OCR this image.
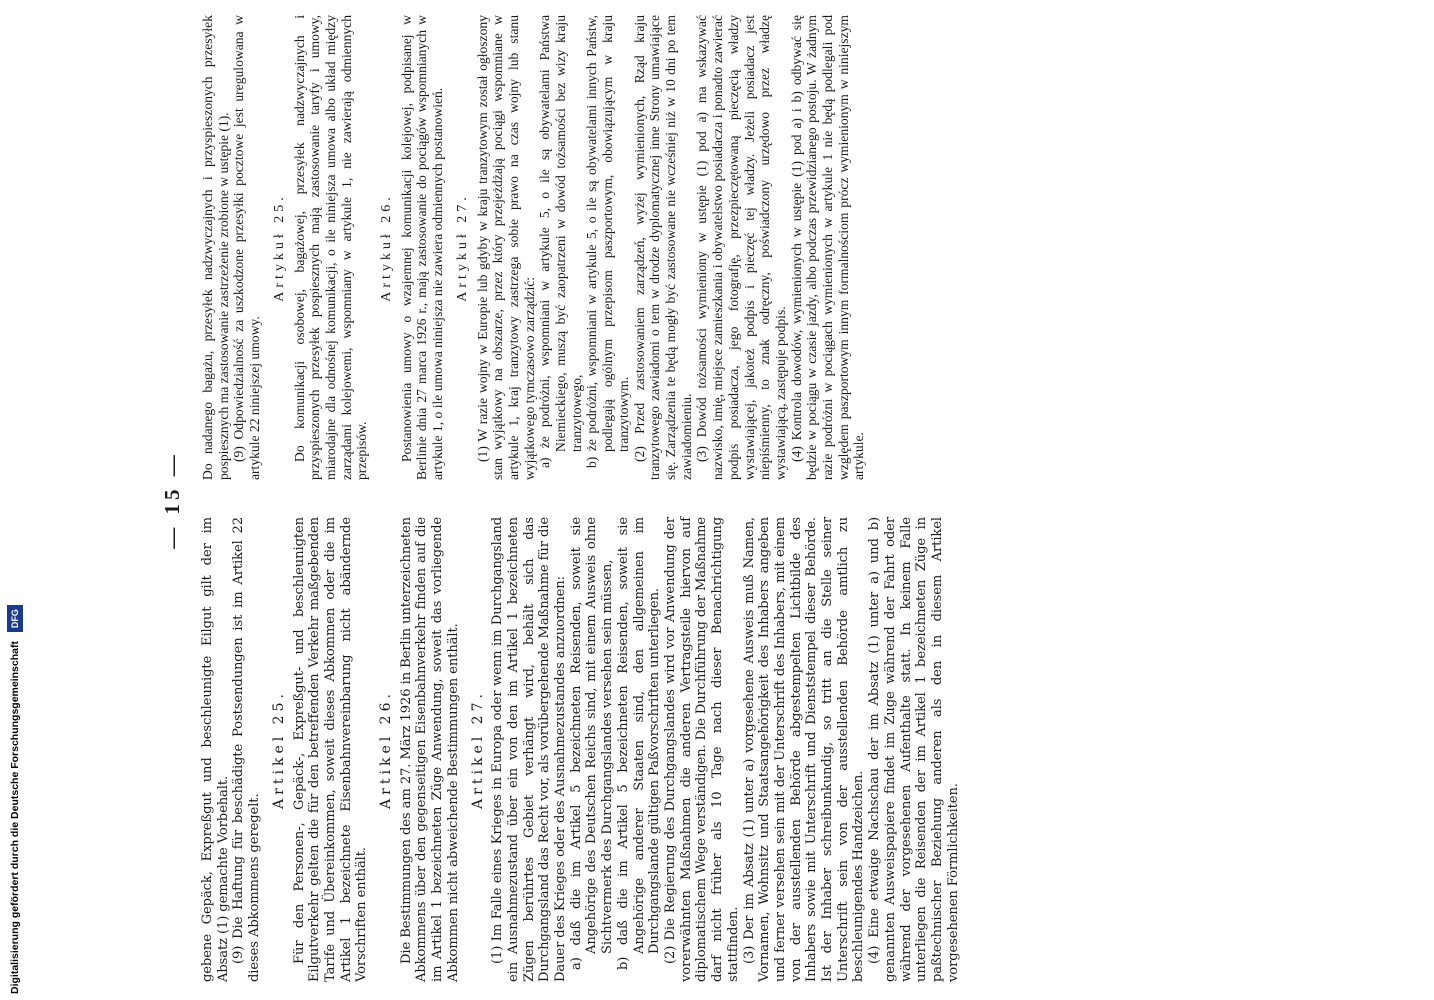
— 15 —

gebene Gepäck, Expreßgut und beschleunigte Eilgut gilt der im Absatz (1) gemachte Vorbehalt. (9) Die Haftung für beschädigte Postsendungen ist im Artikel 22 dieses Abkommens geregelt.

Artikel 25. Für den Personen-, Gepäck-, Expreßgut- und beschleunigten Eilgutverkehr gelten die für den betreffenden Verkehr maßgebenden Tarife und Übereinkommen, soweit dieses Abkommen oder die im Artikel 1 bezeichnete Eisenbahnvereinbarung nicht abändernde Vorschriften enthält.

Artikel 26. Die Bestimmungen des am 27. März 1926 in Berlin unterzeichneten Abkommens über den gegenseitigen Eisenbahnverkehr finden auf die im Artikel 1 bezeichneten Züge Anwendung, soweit das vorliegende Abkommen nicht abweichende Bestimmungen enthält. Artikel 27. (1) Im Falle eines Krieges in Europa oder wenn im Durchgangsland ein Ausnahmezustand über ein von den im Artikel 1 bezeichneten Zügen berührtes Gebiet verhängt wird, behält sich das Durchgangsland das Recht vor, als vorübergehende Maßnahme für die Dauer des Krieges oder des Ausnahmezustandes anzuordnen: a) daß die im Artikel 5 bezeichneten Reisenden, soweit sie Angehörige des Deutschen Reichs sind, mit einem Ausweis ohne Sichtvermerk des Durchgangslandes versehen sein müssen, b) daß die im Artikel 5 bezeichneten Reisenden, soweit sie Angehörige anderer Staaten sind, den allgemeinen im Durchgangslande gültigen Paßvorschriften unterliegen. (2) Die Regierung des Durchgangslandes wird vor Anwendung der vorerwähnten Maßnahmen die anderen Vertragsteile hiervon auf diplomatischem Wege verständigen. Die Durchführung der Maßnahme darf nicht früher als 10 Tage nach dieser Benachrichtigung stattfinden. (3) Der im Absatz (1) unter a) vorgesehene Ausweis muß Namen, Vornamen, Wohnsitz und Staatsangehörigkeit des Inhabers angeben und ferner versehen sein mit der Unterschrift des Inhabers, mit einem von der ausstellenden Behörde abgestempelten Lichtbilde des Inhabers sowie mit Unterschrift und Dienststempel dieser Behörde. Ist der Inhaber schreibunkundig, so tritt an die Stelle seiner Unterschrift sein von der ausstellenden Behörde amtlich zu beschleunigendes Handzeichen. (4) Eine etwaige Nachschau der im Absatz (1) unter a) und b) genannten Ausweispapiere findet im Zuge während der Fahrt oder während der vorgesehenen Aufenthalte statt. In keinem Falle unterliegen die Reisenden der im Artikel 1 bezeichneten Züge in paßtechnischer Beziehung anderen als den in diesem Artikel vorgesehenen Förmlichkeiten.

Do nadanego bagażu, przesyłek nadzwyczajnych i przyspieszonych przesyłek pospiesznych ma zastosowanie zastrzeżenie zrobione w ustępie (1). (9) Odpowiedzialność za uszkodzone przesyłki pocztowe jest uregulowana w artykule 22 niniejszej umowy.

Artykuł 25. Do komunikacji osobowej, bagażowej, przesyłek nadzwyczajnych i przyspieszonych przesyłek pospiesznych mają zastosowanie taryfy i umowy, miarodajne dla odnośnej komunikacji, o ile niniejsza umowa albo układ między zarządami kolejowemi, wspomniany w artykule 1, nie zawierają odmiennych przepisów.

Artykuł 26. Postanowienia umowy o wzajemnej komunikacji kolejowej, podpisanej w Berlinie dnia 27 marca 1926 r., mają zastosowanie do pociągów wspomnianych w artykule 1, o ile umowa niniejsza nie zawiera odmiennych postanowień. Artykuł 27. (1) W razie wojny w Europie lub gdyby w kraju tranzytowym został ogłoszony stan wyjątkowy na obszarze, przez który przejeżdżają pociągi wspomniane w artykule 1, kraj tranzytowy zastrzega sobie prawo na czas wojny lub stanu wyjątkowego tymczasowo zarządzić: a) że podróżni, wspomniani w artykule 5, o ile są obywatelami Państwa Niemieckiego, muszą być zaopatrzeni w dowód tożsamości bez wizy kraju tranzytowego, b) że podróżni, wspomniani w artykule 5, o ile są obywatelami innych Państw, podlegają ogólnym przepisom paszportowym, obowiązującym w kraju tranzytowym. (2) Przed zastosowaniem zarządzeń, wyżej wymienionych, Rząd kraju tranzytowego zawiadomi o tem w drodze dyplomatycznej inne Strony umawiające się. Zarządzenia te będą mogły być zastosowane nie wcześniej niż w 10 dni po tem zawiadomieniu. (3) Dowód tożsamości wymieniony w ustępie (1) pod a) ma wskazywać nazwisko, imię, miejsce zamieszkania i obywatelstwo posiadacza i ponadto zawierać podpis posiadacza, jego fotografję, przezpieczętowaną pieczęcią władzy wystawiającej, jakoteż podpis i pieczęć tej władzy. Jeżeli posiadacz jest niepiśmienny, to znak odręczny, poświadczony urzędowo przez władzę wystawiającą, zastępuje podpis. (4) Kontrola dowodów, wymienionych w ustępie (1) pod a) i b) odbywać się będzie w pociągu w czasie jazdy, albo podczas przewidzianego postoju. W żadnym razie podróżni w pociągach wymienionych w artykule 1 nie będą podlegali pod względem paszportowym innym formalnościom prócz wymienionym w niniejszym artykule.

Digitalisierung gefördert durch die Deutsche Forschungsgemeinschaft DFG
